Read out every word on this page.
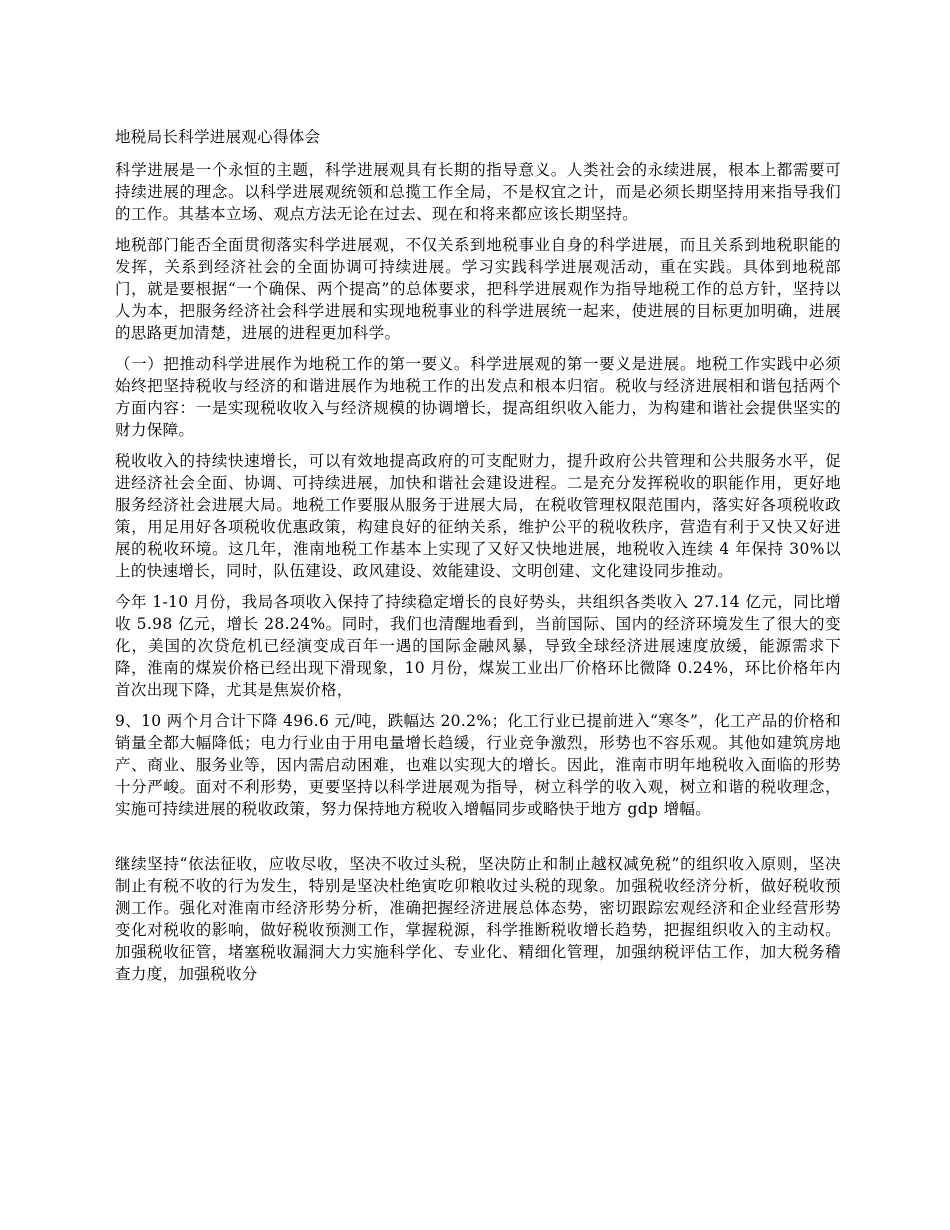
地税局长科学进展观心得体会

科学进展是一个永恒的主题，科学进展观具有长期的指导意义。人类社会的永续进展，根本上都需要可持续进展的理念。以科学进展观统领和总揽工作全局，不是权宜之计，而是必须长期坚持用来指导我们的工作。其基本立场、观点方法无论在过去、现在和将来都应该长期坚持。

地税部门能否全面贯彻落实科学进展观，不仅关系到地税事业自身的科学进展，而且关系到地税职能的发挥，关系到经济社会的全面协调可持续进展。学习实践科学进展观活动，重在实践。具体到地税部门，就是要根据“一个确保、两个提高”的总体要求，把科学进展观作为指导地税工作的总方针，坚持以人为本，把服务经济社会科学进展和实现地税事业的科学进展统一起来，使进展的目标更加明确，进展的思路更加清楚，进展的进程更加科学。

（一）把推动科学进展作为地税工作的第一要义。科学进展观的第一要义是进展。地税工作实践中必须始终把坚持税收与经济的和谐进展作为地税工作的出发点和根本归宿。税收与经济进展相和谐包括两个方面内容：一是实现税收收入与经济规模的协调增长，提高组织收入能力，为构建和谐社会提供坚实的财力保障。

税收收入的持续快速增长，可以有效地提高政府的可支配财力，提升政府公共管理和公共服务水平，促进经济社会全面、协调、可持续进展，加快和谐社会建设进程。二是充分发挥税收的职能作用，更好地服务经济社会进展大局。地税工作要服从服务于进展大局，在税收管理权限范围内，落实好各项税收政策，用足用好各项税收优惠政策，构建良好的征纳关系，维护公平的税收秩序，营造有利于又快又好进展的税收环境。这几年，淮南地税工作基本上实现了又好又快地进展，地税收入连续 4 年保持 30%以上的快速增长，同时，队伍建设、政风建设、效能建设、文明创建、文化建设同步推动。

今年 1-10 月份，我局各项收入保持了持续稳定增长的良好势头，共组织各类收入 27.14 亿元，同比增收 5.98 亿元，增长 28.24%。同时，我们也清醒地看到，当前国际、国内的经济环境发生了很大的变化，美国的次贷危机已经演变成百年一遇的国际金融风暴，导致全球经济进展速度放缓，能源需求下降，淮南的煤炭价格已经出现下滑现象，10 月份，煤炭工业出厂价格环比微降 0.24%，环比价格年内首次出现下降，尤其是焦炭价格，

9、10 两个月合计下降 496.6 元/吨，跌幅达 20.2%；化工行业已提前进入“寒冬”，化工产品的价格和销量全都大幅降低；电力行业由于用电量增长趋缓，行业竞争激烈，形势也不容乐观。其他如建筑房地产、商业、服务业等，因内需启动困难，也难以实现大的增长。因此，淮南市明年地税收入面临的形势十分严峻。面对不利形势，更要坚持以科学进展观为指导，树立科学的收入观，树立和谐的税收理念，实施可持续进展的税收政策，努力保持地方税收入增幅同步或略快于地方 gdp 增幅。

继续坚持“依法征收，应收尽收，坚决不收过头税，坚决防止和制止越权减免税”的组织收入原则，坚决制止有税不收的行为发生，特别是坚决杜绝寅吃卯粮收过头税的现象。加强税收经济分析，做好税收预测工作。强化对淮南市经济形势分析，准确把握经济进展总体态势，密切跟踪宏观经济和企业经营形势变化对税收的影响，做好税收预测工作，掌握税源，科学推断税收增长趋势，把握组织收入的主动权。加强税收征管，堵塞税收漏洞大力实施科学化、专业化、精细化管理，加强纳税评估工作，加大税务稽查力度，加强税收分
